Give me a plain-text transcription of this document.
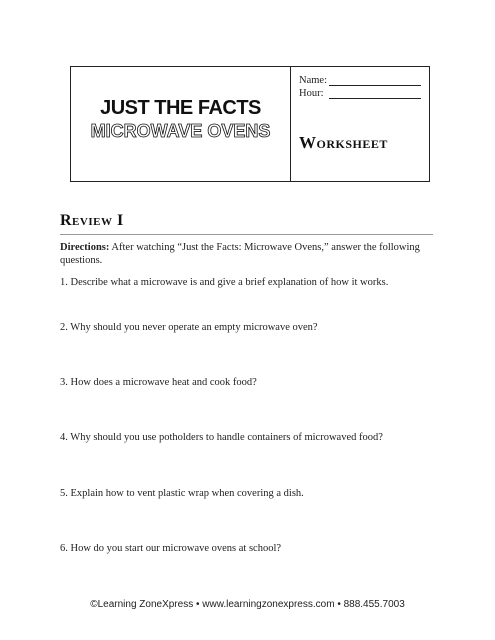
JUST THE FACTS
MICROWAVE OVENS
Name:
Hour:
Worksheet
Review I
Directions: After watching “Just the Facts: Microwave Ovens,” answer the following questions.
1. Describe what a microwave is and give a brief explanation of how it works.
2. Why should you never operate an empty microwave oven?
3. How does a microwave heat and cook food?
4. Why should you use potholders to handle containers of microwaved food?
5. Explain how to vent plastic wrap when covering a dish.
6. How do you start our microwave ovens at school?
©Learning ZoneXpress • www.learningzonexpress.com • 888.455.7003
